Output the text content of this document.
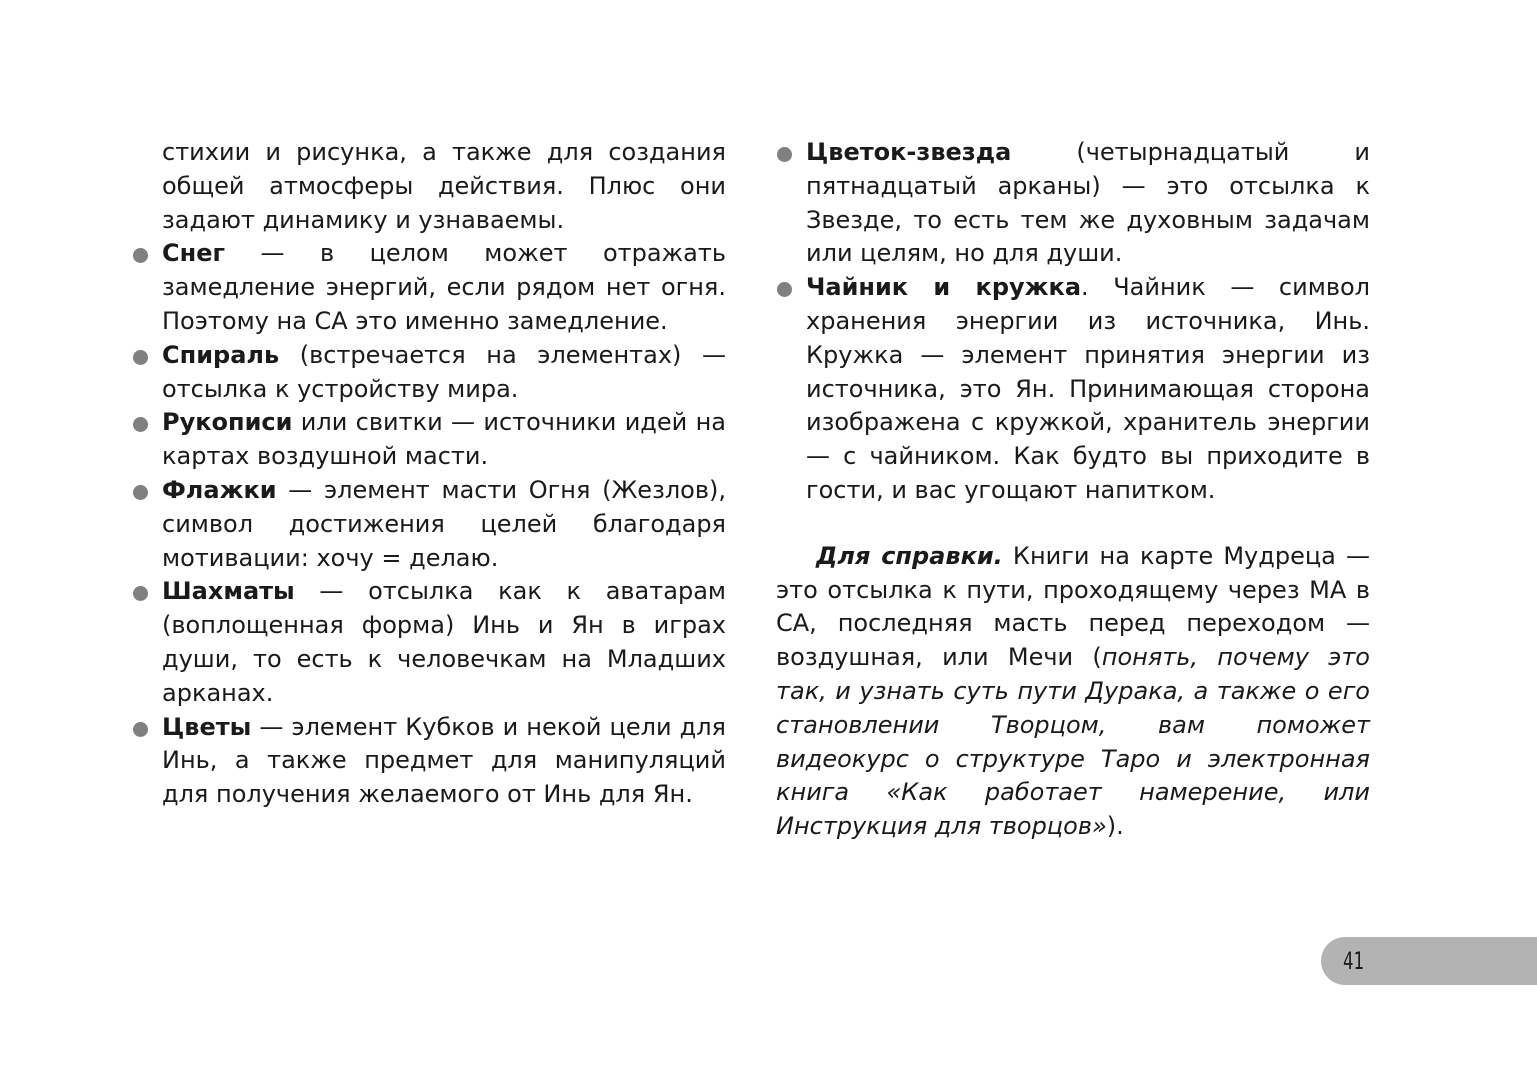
стихии и рисунка, а также для создания общей атмосферы действия. Плюс они задают динамику и узнаваемы.

Снег — в целом может отражать замедление энергий, если рядом нет огня. Поэтому на СА это именно замедление.
Спираль (встречается на элементах) — отсылка к устройству мира.
Рукописи или свитки — источники идей на картах воздушной масти.
Флажки — элемент масти Огня (Жезлов), символ достижения целей благодаря мотивации: хочу = делаю.
Шахматы — отсылка как к аватарам (воплощенная форма) Инь и Ян в играх души, то есть к человечкам на Младших арканах.
Цветы — элемент Кубков и некой цели для Инь, а также предмет для манипуляций для получения желаемого от Инь для Ян.
Цветок-звезда (четырнадцатый и пятнадцатый арканы) — это отсылка к Звезде, то есть тем же духовным задачам или целям, но для души.
Чайник и кружка. Чайник — символ хранения энергии из источника, Инь. Кружка — элемент принятия энергии из источника, это Ян. Принимающая сторона изображена с кружкой, хранитель энергии — с чайником. Как будто вы приходите в гости, и вас угощают напитком.

Для справки. Книги на карте Мудреца — это отсылка к пути, проходящему через МА в СА, последняя масть перед переходом — воздушная, или Мечи (понять, почему это так, и узнать суть пути Дурака, а также о его становлении Творцом, вам поможет видеокурс о структуре Таро и электронная книга «Как работает намерение, или Инструкция для творцов»).

41
